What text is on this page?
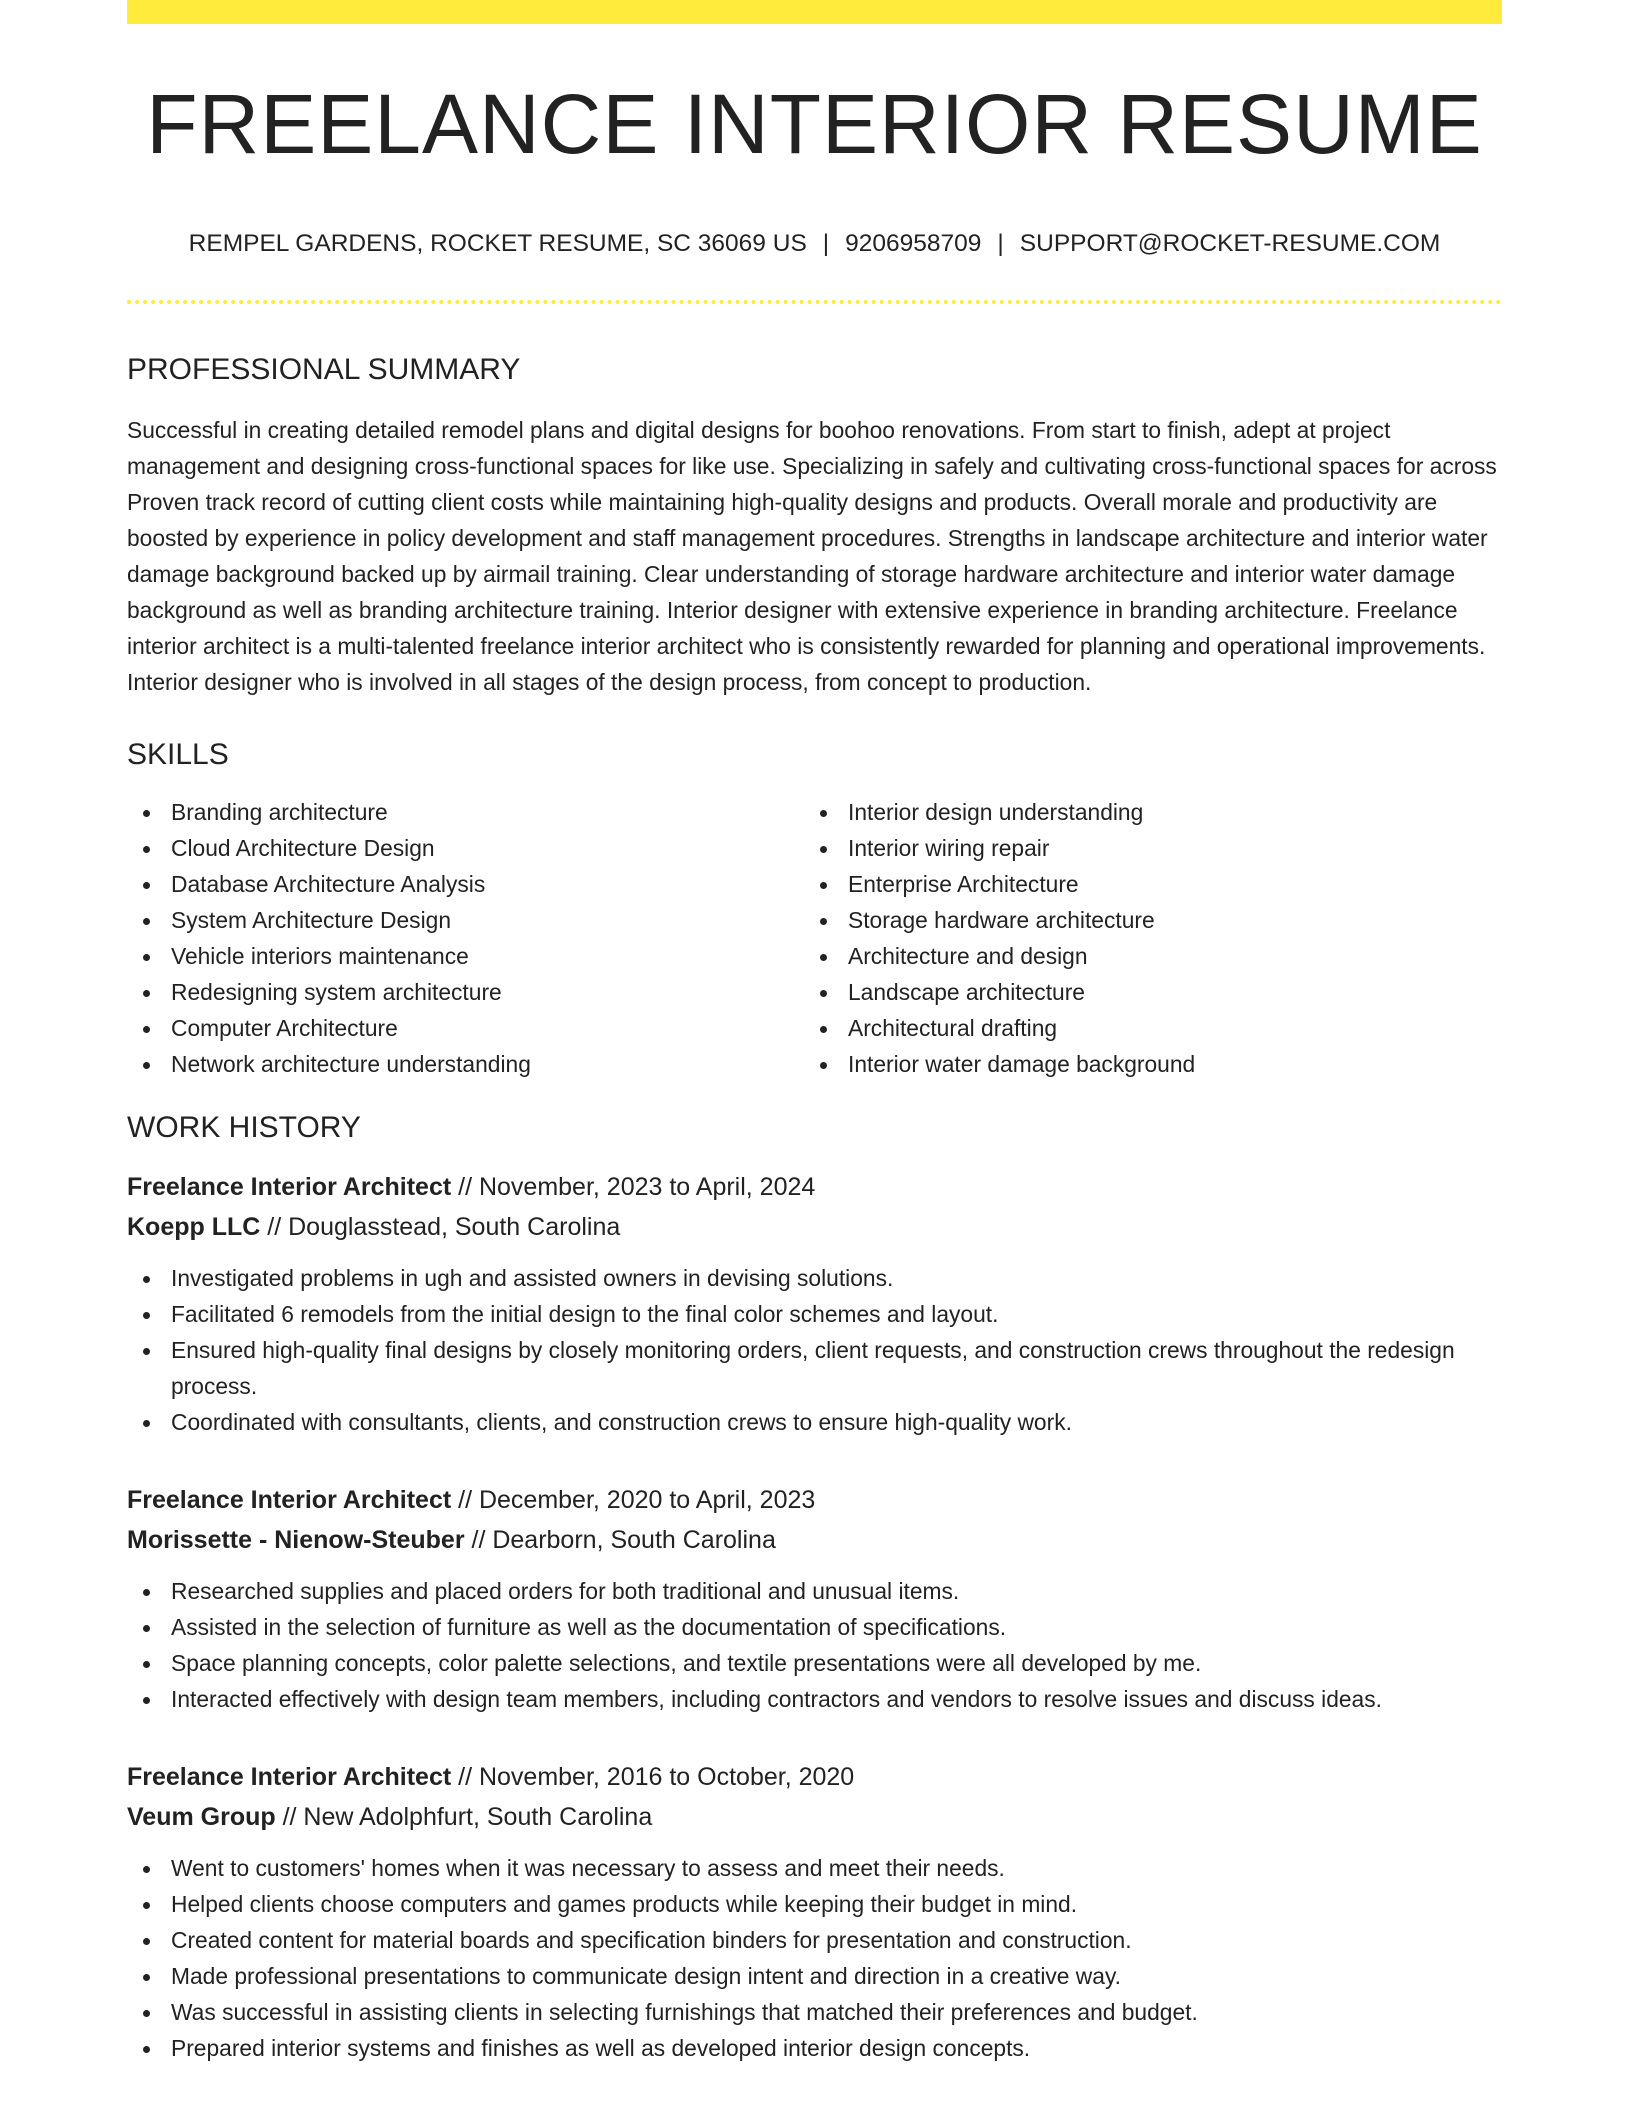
FREELANCE INTERIOR RESUME
REMPEL GARDENS, ROCKET RESUME, SC 36069 US | 9206958709 | SUPPORT@ROCKET-RESUME.COM
PROFESSIONAL SUMMARY
Successful in creating detailed remodel plans and digital designs for boohoo renovations. From start to finish, adept at project management and designing cross-functional spaces for like use. Specializing in safely and cultivating cross-functional spaces for across Proven track record of cutting client costs while maintaining high-quality designs and products. Overall morale and productivity are boosted by experience in policy development and staff management procedures. Strengths in landscape architecture and interior water damage background backed up by airmail training. Clear understanding of storage hardware architecture and interior water damage background as well as branding architecture training. Interior designer with extensive experience in branding architecture. Freelance interior architect is a multi-talented freelance interior architect who is consistently rewarded for planning and operational improvements. Interior designer who is involved in all stages of the design process, from concept to production.
SKILLS
Branding architecture
Cloud Architecture Design
Database Architecture Analysis
System Architecture Design
Vehicle interiors maintenance
Redesigning system architecture
Computer Architecture
Network architecture understanding
Interior design understanding
Interior wiring repair
Enterprise Architecture
Storage hardware architecture
Architecture and design
Landscape architecture
Architectural drafting
Interior water damage background
WORK HISTORY
Freelance Interior Architect // November, 2023 to April, 2024
Koepp LLC // Douglasstead, South Carolina
Investigated problems in ugh and assisted owners in devising solutions.
Facilitated 6 remodels from the initial design to the final color schemes and layout.
Ensured high-quality final designs by closely monitoring orders, client requests, and construction crews throughout the redesign process.
Coordinated with consultants, clients, and construction crews to ensure high-quality work.
Freelance Interior Architect // December, 2020 to April, 2023
Morissette - Nienow-Steuber // Dearborn, South Carolina
Researched supplies and placed orders for both traditional and unusual items.
Assisted in the selection of furniture as well as the documentation of specifications.
Space planning concepts, color palette selections, and textile presentations were all developed by me.
Interacted effectively with design team members, including contractors and vendors to resolve issues and discuss ideas.
Freelance Interior Architect // November, 2016 to October, 2020
Veum Group // New Adolphfurt, South Carolina
Went to customers' homes when it was necessary to assess and meet their needs.
Helped clients choose computers and games products while keeping their budget in mind.
Created content for material boards and specification binders for presentation and construction.
Made professional presentations to communicate design intent and direction in a creative way.
Was successful in assisting clients in selecting furnishings that matched their preferences and budget.
Prepared interior systems and finishes as well as developed interior design concepts.
